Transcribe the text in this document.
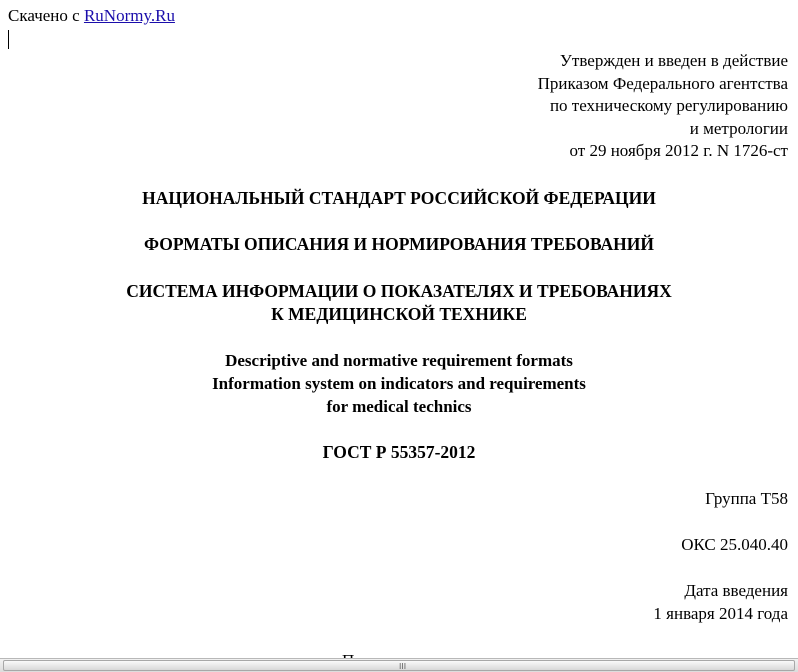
Скачено с RuNormy.Ru
Утвержден и введен в действие
Приказом Федерального агентства
по техническому регулированию
и метрологии
от 29 ноября 2012 г. N 1726-ст
НАЦИОНАЛЬНЫЙ СТАНДАРТ РОССИЙСКОЙ ФЕДЕРАЦИИ
ФОРМАТЫ ОПИСАНИЯ И НОРМИРОВАНИЯ ТРЕБОВАНИЙ
СИСТЕМА ИНФОРМАЦИИ О ПОКАЗАТЕЛЯХ И ТРЕБОВАНИЯХ
К МЕДИЦИНСКОЙ ТЕХНИКЕ
Descriptive and normative requirement formats
Information system on indicators and requirements
for medical technics
ГОСТ Р 55357-2012
Группа Т58
ОКС 25.040.40
Дата введения
1 января 2014 года
III
